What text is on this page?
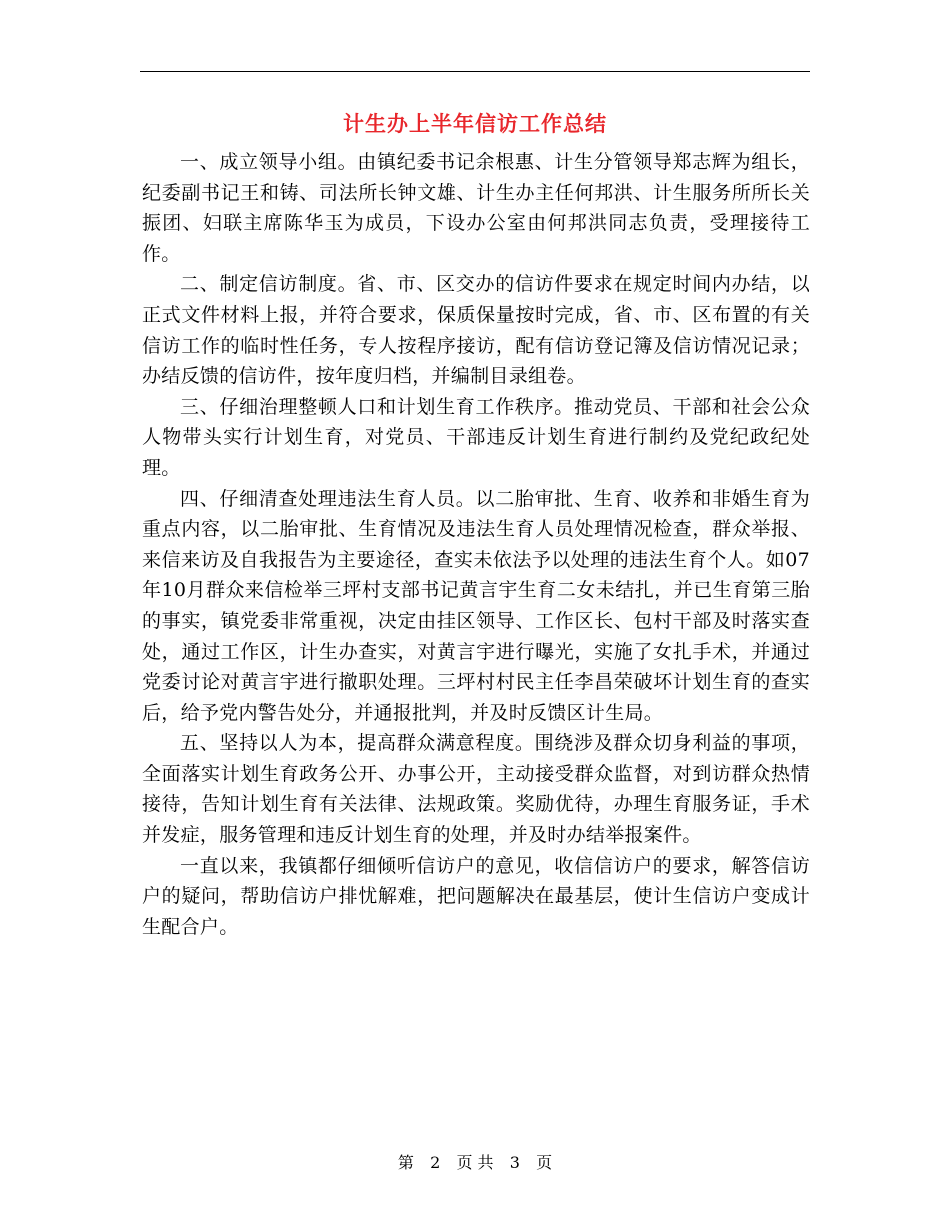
计生办上半年信访工作总结

一、成立领导小组。由镇纪委书记余根惠、计生分管领导郑志辉为组长，纪委副书记王和铸、司法所长钟文雄、计生办主任何邦洪、计生服务所所长关振团、妇联主席陈华玉为成员，下设办公室由何邦洪同志负责，受理接待工作。

二、制定信访制度。省、市、区交办的信访件要求在规定时间内办结，以正式文件材料上报，并符合要求，保质保量按时完成，省、市、区布置的有关信访工作的临时性任务，专人按程序接访，配有信访登记簿及信访情况记录；办结反馈的信访件，按年度归档，并编制目录组卷。

三、仔细治理整顿人口和计划生育工作秩序。推动党员、干部和社会公众人物带头实行计划生育，对党员、干部违反计划生育进行制约及党纪政纪处理。

四、仔细清查处理违法生育人员。以二胎审批、生育、收养和非婚生育为重点内容，以二胎审批、生育情况及违法生育人员处理情况检查，群众举报、来信来访及自我报告为主要途径，查实未依法予以处理的违法生育个人。如07年10月群众来信检举三坪村支部书记黄言宇生育二女未结扎，并已生育第三胎的事实，镇党委非常重视，决定由挂区领导、工作区长、包村干部及时落实查处，通过工作区，计生办查实，对黄言宇进行曝光，实施了女扎手术，并通过党委讨论对黄言宇进行撤职处理。三坪村村民主任李昌荣破坏计划生育的查实后，给予党内警告处分，并通报批判，并及时反馈区计生局。

五、坚持以人为本，提高群众满意程度。围绕涉及群众切身利益的事项，全面落实计划生育政务公开、办事公开，主动接受群众监督，对到访群众热情接待，告知计划生育有关法律、法规政策。奖励优待，办理生育服务证，手术并发症，服务管理和违反计划生育的处理，并及时办结举报案件。

一直以来，我镇都仔细倾听信访户的意见，收信信访户的要求，解答信访户的疑问，帮助信访户排忧解难，把问题解决在最基层，使计生信访户变成计生配合户。

第 2 页 共 3 页
